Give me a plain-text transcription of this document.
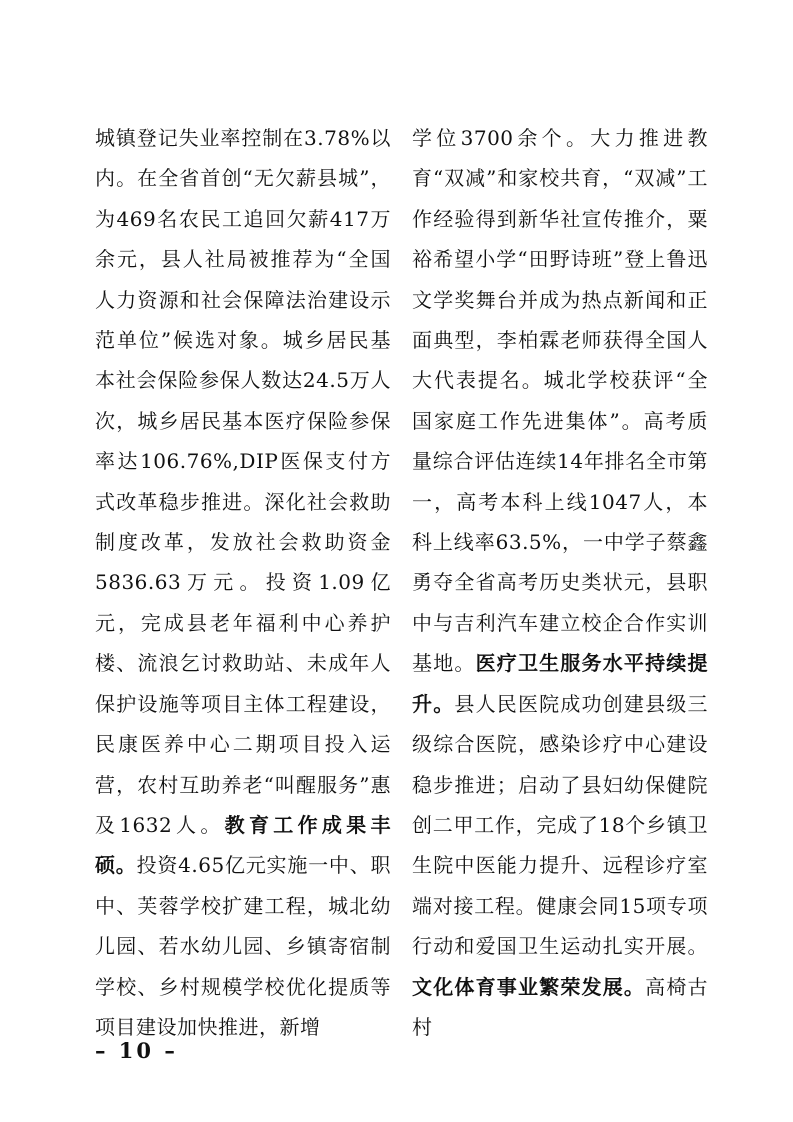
城镇登记失业率控制在3.78%以内。在全省首创“无欠薪县城”，为469名农民工追回欠薪417万余元，县人社局被推荐为“全国人力资源和社会保障法治建设示范单位”候选对象。城乡居民基本社会保险参保人数达24.5万人次，城乡居民基本医疗保险参保率达106.76%,DIP医保支付方式改革稳步推进。深化社会救助制度改革，发放社会救助资金5836.63万元。投资1.09亿元，完成县老年福利中心养护楼、流浪乞讨救助站、未成年人保护设施等项目主体工程建设，民康医养中心二期项目投入运营，农村互助养老“叫醒服务”惠及1632人。教育工作成果丰硕。投资4.65亿元实施一中、职中、芙蓉学校扩建工程，城北幼儿园、若水幼儿园、乡镇寄宿制学校、乡村规模学校优化提质等项目建设加快推进，新增
学位3700余个。大力推进教育“双减”和家校共育，“双减”工作经验得到新华社宣传推介，粟裕希望小学“田野诗班”登上鲁迅文学奖舞台并成为热点新闻和正面典型，李柏霖老师获得全国人大代表提名。城北学校获评“全国家庭工作先进集体”。高考质量综合评估连续14年排名全市第一，高考本科上线1047人，本科上线率63.5%，一中学子蔡鑫勇夺全省高考历史类状元，县职中与吉利汽车建立校企合作实训基地。医疗卫生服务水平持续提升。县人民医院成功创建县级三级综合医院，感染诊疗中心建设稳步推进；启动了县妇幼保健院创二甲工作，完成了18个乡镇卫生院中医能力提升、远程诊疗室端对接工程。健康会同15项专项行动和爱国卫生运动扎实开展。文化体育事业繁荣发展。高椅古村
– 10 –
